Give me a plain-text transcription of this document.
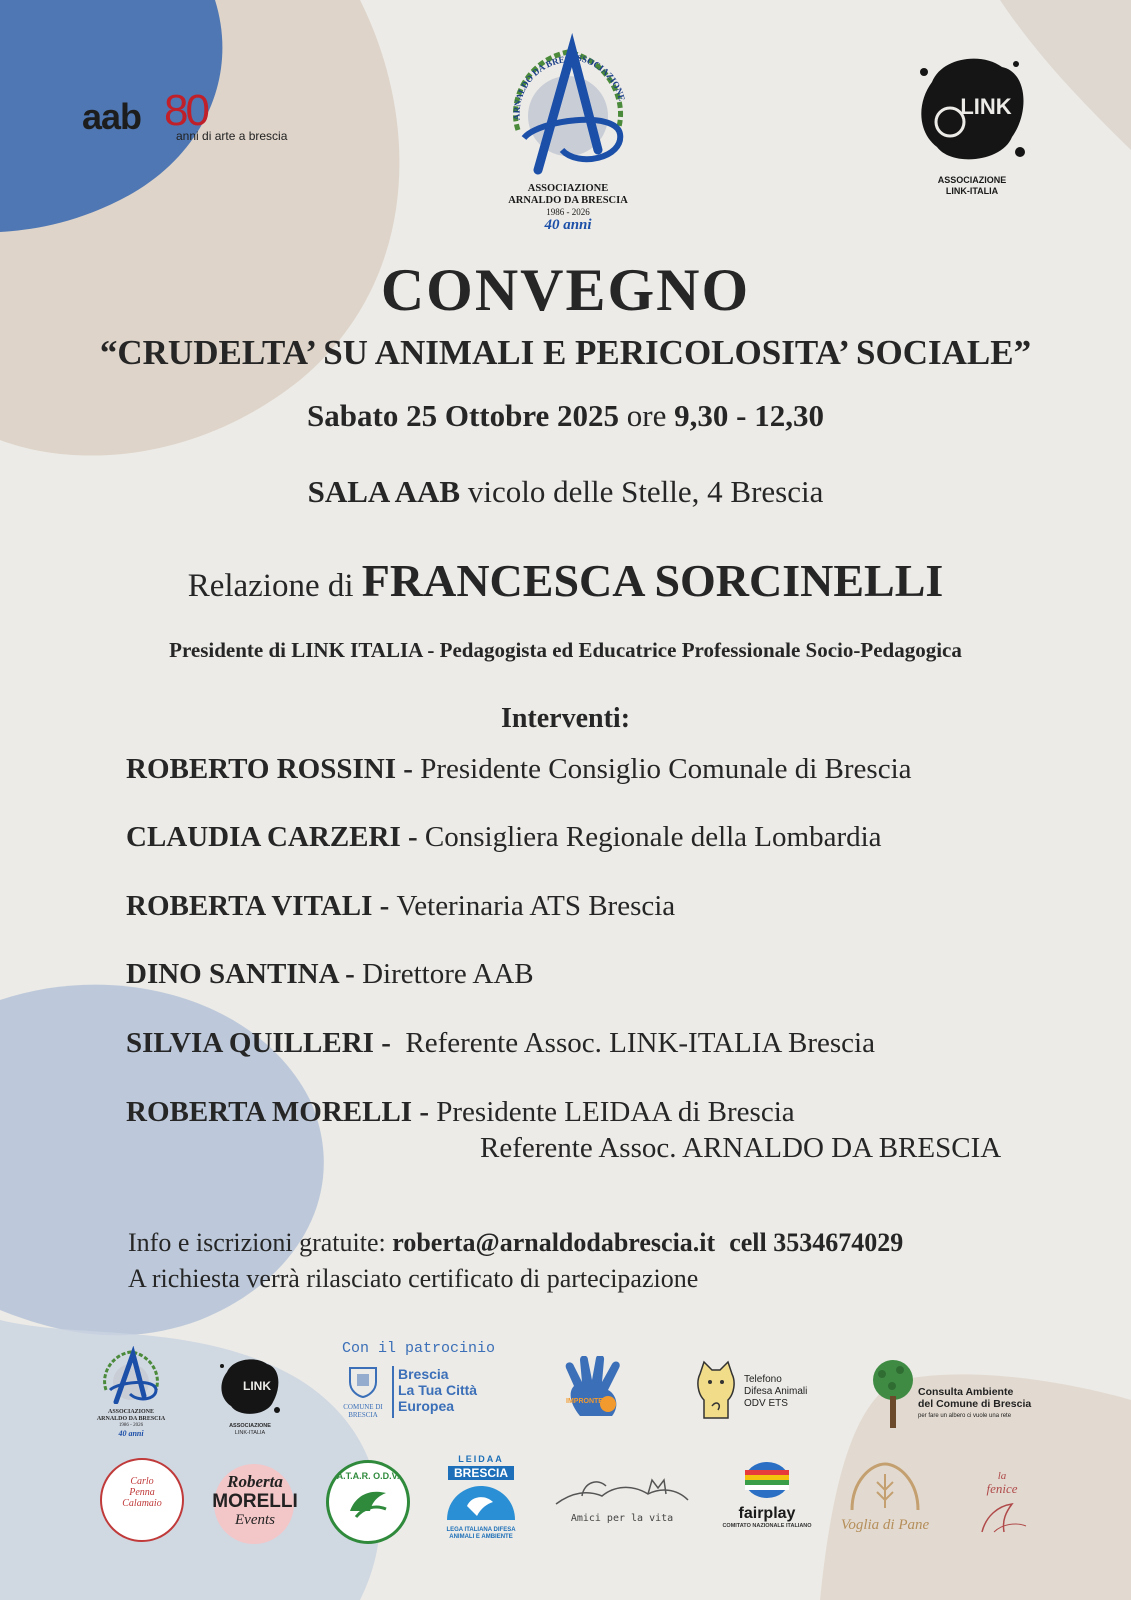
aab 80
anni di arte a brescia
ARNALDO DA BRES ASSOCIAZIONE
ASSOCIAZIONE
ARNALDO DA BRESCIA
1986 - 2026
40 anni
LINK
ASSOCIAZIONE
LINK-ITALIA
CONVEGNO
“CRUDELTA’ SU ANIMALI E PERICOLOSITA’ SOCIALE”
Sabato 25 Ottobre 2025 ore 9,30 - 12,30
SALA AAB vicolo delle Stelle, 4 Brescia
Relazione di FRANCESCA SORCINELLI
Presidente di LINK ITALIA - Pedagogista ed Educatrice Professionale Socio-Pedagogica
Interventi:
ROBERTO ROSSINI - Presidente Consiglio Comunale di Brescia
CLAUDIA CARZERI - Consigliera Regionale della Lombardia
ROBERTA VITALI - Veterinaria ATS Brescia
DINO SANTINA - Direttore AAB
SILVIA QUILLERI -  Referente Assoc. LINK-ITALIA Brescia
ROBERTA MORELLI - Presidente LEIDAA di Brescia
Referente Assoc. ARNALDO DA BRESCIA
Info e iscrizioni gratuite: roberta@arnaldodabrescia.it cell 3534674029
A richiesta verrà rilasciato certificato di partecipazione
ASSOCIAZIONE
ARNALDO DA BRESCIA
1986 - 2026
40 anni
LINK
ASSOCIAZIONE
LINK-ITALIA
Con il patrocinio
COMUNE DI
BRESCIA
Brescia
La Tua Città
Europea	IMPRONTE
Telefono
Difesa Animali
ODV ETS
Consulta Ambiente
del Comune di Brescia
per fare un albero ci vuole una rete
Carlo
Penna
Calamaio
Roberta
MORELLI
Events
A.T.A.R. O.D.V.
LEIDAA
BRESCIA
LEGA ITALIANA DIFESA
ANIMALI E AMBIENTE
Amici per la vita	fairplay
COMITATO NAZIONALE ITALIANO	Voglia di Pane
la
fenice
